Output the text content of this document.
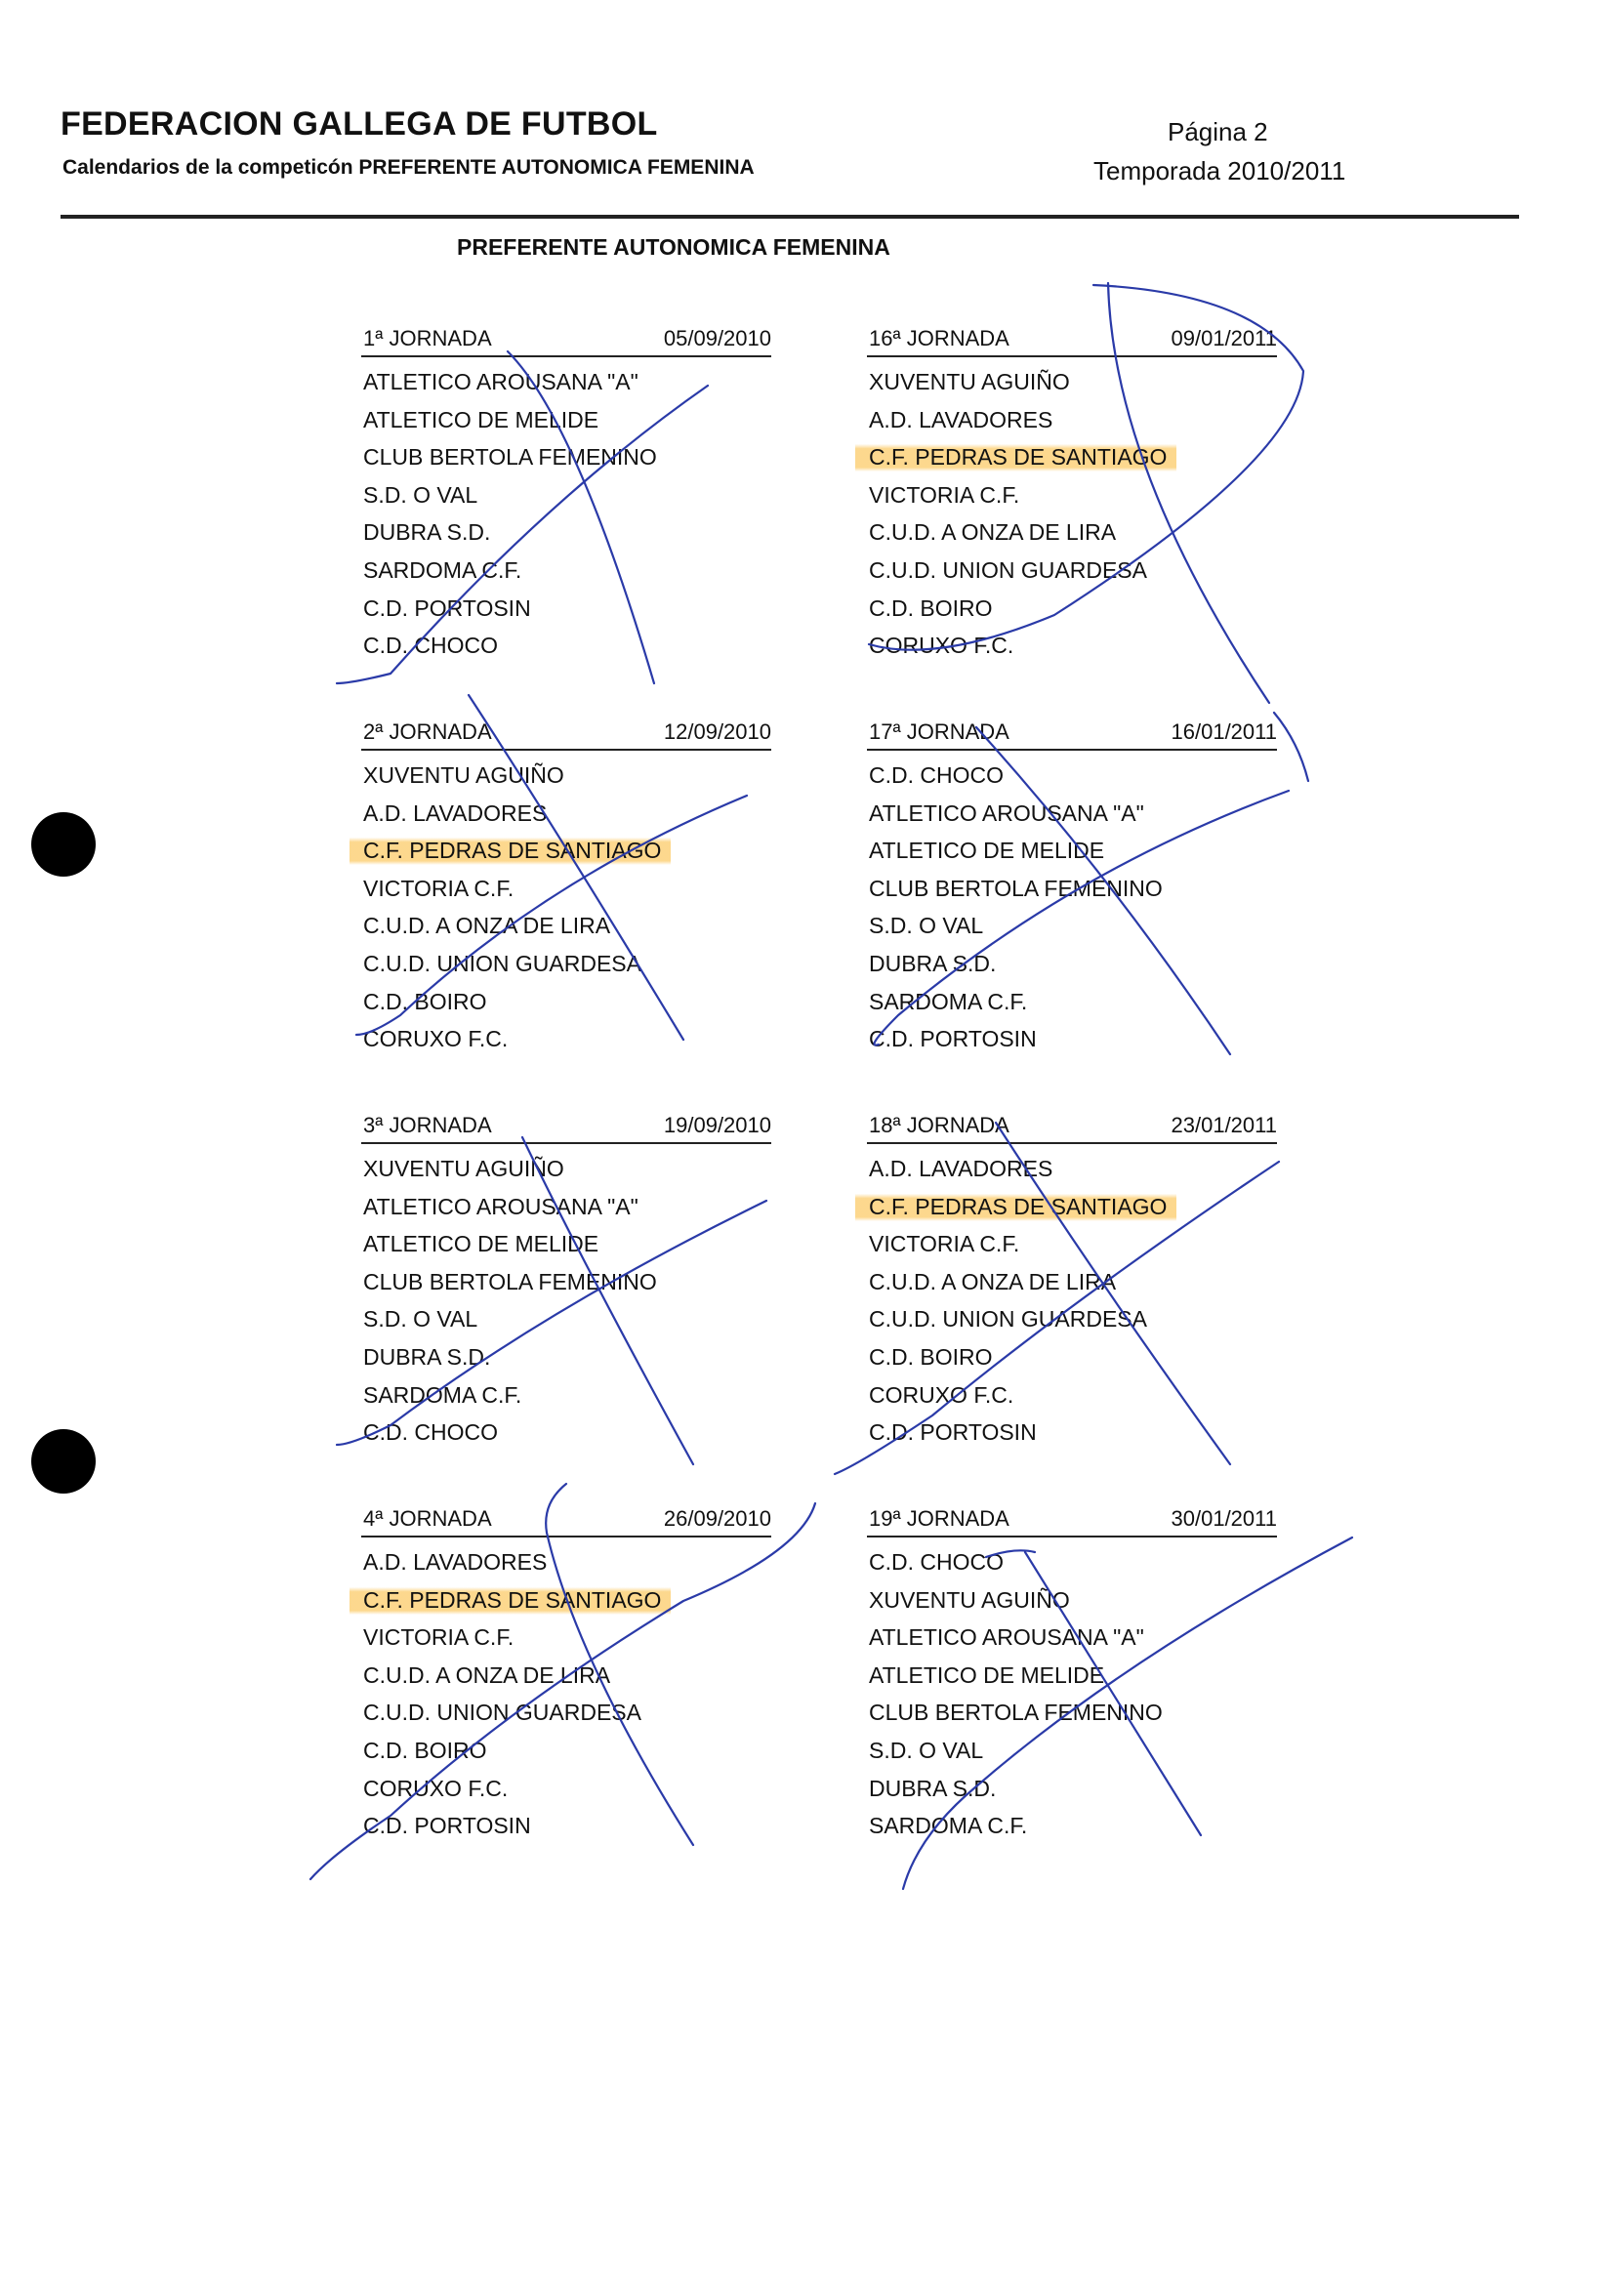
FEDERACION GALLEGA DE FUTBOL
Calendarios de la competicón PREFERENTE AUTONOMICA FEMENINA
Página 2
Temporada 2010/2011
PREFERENTE AUTONOMICA FEMENINA
1ª JORNADA	05/09/2010
ATLETICO AROUSANA "A"
ATLETICO DE MELIDE
CLUB BERTOLA FEMENINO
S.D. O VAL
DUBRA S.D.
SARDOMA C.F.
C.D. PORTOSIN
C.D. CHOCO
16ª JORNADA	09/01/2011
XUVENTU AGUIÑO
A.D. LAVADORES
C.F. PEDRAS DE SANTIAGO
VICTORIA C.F.
C.U.D. A ONZA DE LIRA
C.U.D. UNION GUARDESA
C.D. BOIRO
CORUXO F.C.
2ª JORNADA	12/09/2010
XUVENTU AGUIÑO
A.D. LAVADORES
C.F. PEDRAS DE SANTIAGO
VICTORIA C.F.
C.U.D. A ONZA DE LIRA
C.U.D. UNION GUARDESA
C.D. BOIRO
CORUXO F.C.
17ª JORNADA	16/01/2011
C.D. CHOCO
ATLETICO AROUSANA "A"
ATLETICO DE MELIDE
CLUB BERTOLA FEMENINO
S.D. O VAL
DUBRA S.D.
SARDOMA C.F.
C.D. PORTOSIN
3ª JORNADA	19/09/2010
XUVENTU AGUIÑO
ATLETICO AROUSANA "A"
ATLETICO DE MELIDE
CLUB BERTOLA FEMENINO
S.D. O VAL
DUBRA S.D.
SARDOMA C.F.
C.D. CHOCO
18ª JORNADA	23/01/2011
A.D. LAVADORES
C.F. PEDRAS DE SANTIAGO
VICTORIA C.F.
C.U.D. A ONZA DE LIRA
C.U.D. UNION GUARDESA
C.D. BOIRO
CORUXO F.C.
C.D. PORTOSIN
4ª JORNADA	26/09/2010
A.D. LAVADORES
C.F. PEDRAS DE SANTIAGO
VICTORIA C.F.
C.U.D. A ONZA DE LIRA
C.U.D. UNION GUARDESA
C.D. BOIRO
CORUXO F.C.
C.D. PORTOSIN
19ª JORNADA	30/01/2011
C.D. CHOCO
XUVENTU AGUIÑO
ATLETICO AROUSANA "A"
ATLETICO DE MELIDE
CLUB BERTOLA FEMENINO
S.D. O VAL
DUBRA S.D.
SARDOMA C.F.
